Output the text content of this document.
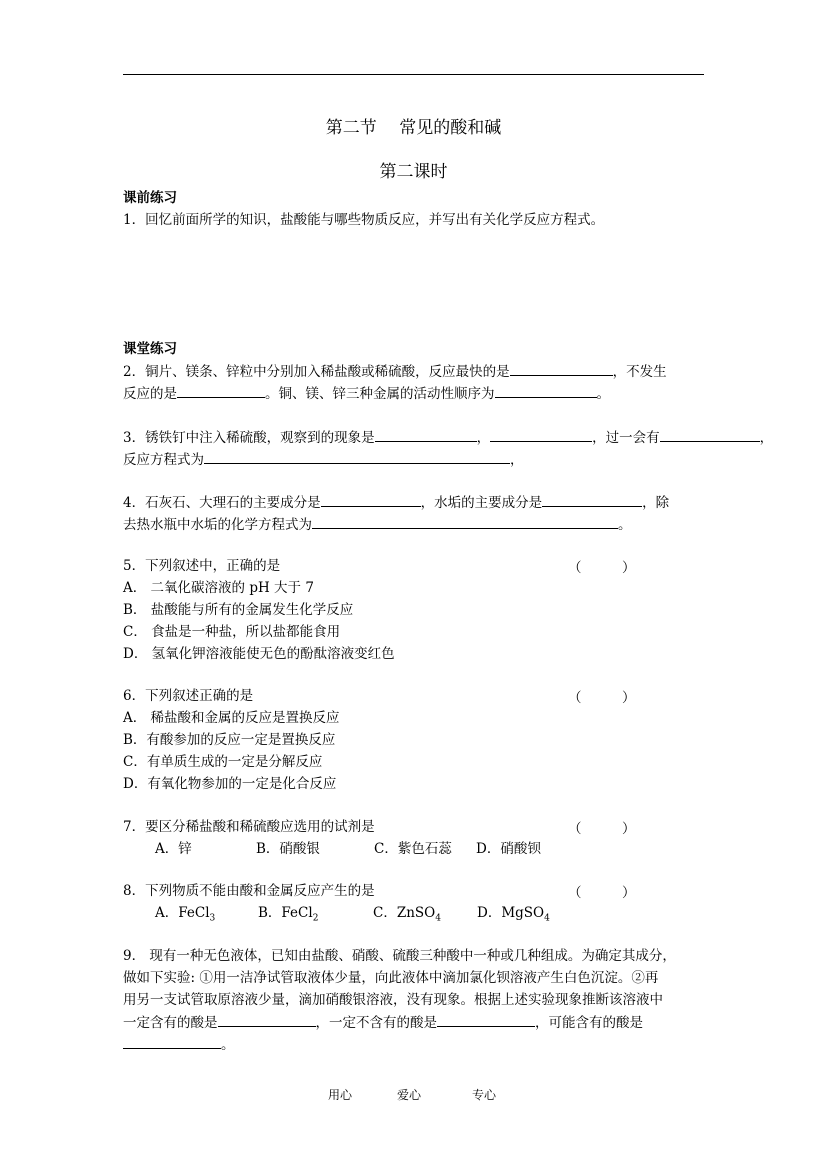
第二节　 常见的酸和碱
第二课时
课前练习
1．回忆前面所学的知识，盐酸能与哪些物质反应，并写出有关化学反应方程式。
课堂练习
2．铜片、镁条、锌粒中分别加入稀盐酸或稀硫酸，反应最快的是	，不发生
反应的是	。铜、镁、锌三种金属的活动性顺序为	。
3．锈铁钉中注入稀硫酸，观察到的现象是	，	，过一会有	，
反应方程式为	，
4．石灰石、大理石的主要成分是	，水垢的主要成分是	，除
去热水瓶中水垢的化学方程式为	。
5．下列叙述中，正确的是	（　　　）
A． 二氧化碳溶液的 pH 大于 7
B． 盐酸能与所有的金属发生化学反应
C． 食盐是一种盐，所以盐都能食用
D． 氢氧化钾溶液能使无色的酚酞溶液变红色
6．下列叙述正确的是	（　　　）
A． 稀盐酸和金属的反应是置换反应
B．有酸参加的反应一定是置换反应
C．有单质生成的一定是分解反应
D．有氧化物参加的一定是化合反应
7．要区分稀盐酸和稀硫酸应选用的试剂是	（　　　）
A．锌	B．硝酸银	C．紫色石蕊 D．硝酸钡
8．下列物质不能由酸和金属反应产生的是	（　　　）
A．FeCl$_3$	B．FeCl$_2$	C．ZnSO$_4$	D．MgSO$_4$
9． 现有一种无色液体，已知由盐酸、硝酸、硫酸三种酸中一种或几种组成。为确定其成分，
做如下实验: ①用一洁净试管取液体少量，向此液体中滴加氯化钡溶液产生白色沉淀。②再
用另一支试管取原溶液少量，滴加硝酸银溶液，没有现象。根据上述实验现象推断该溶液中
一定含有的酸是	，一定不含有的酸是	，可能含有的酸是
。
用心	爱心	专心
